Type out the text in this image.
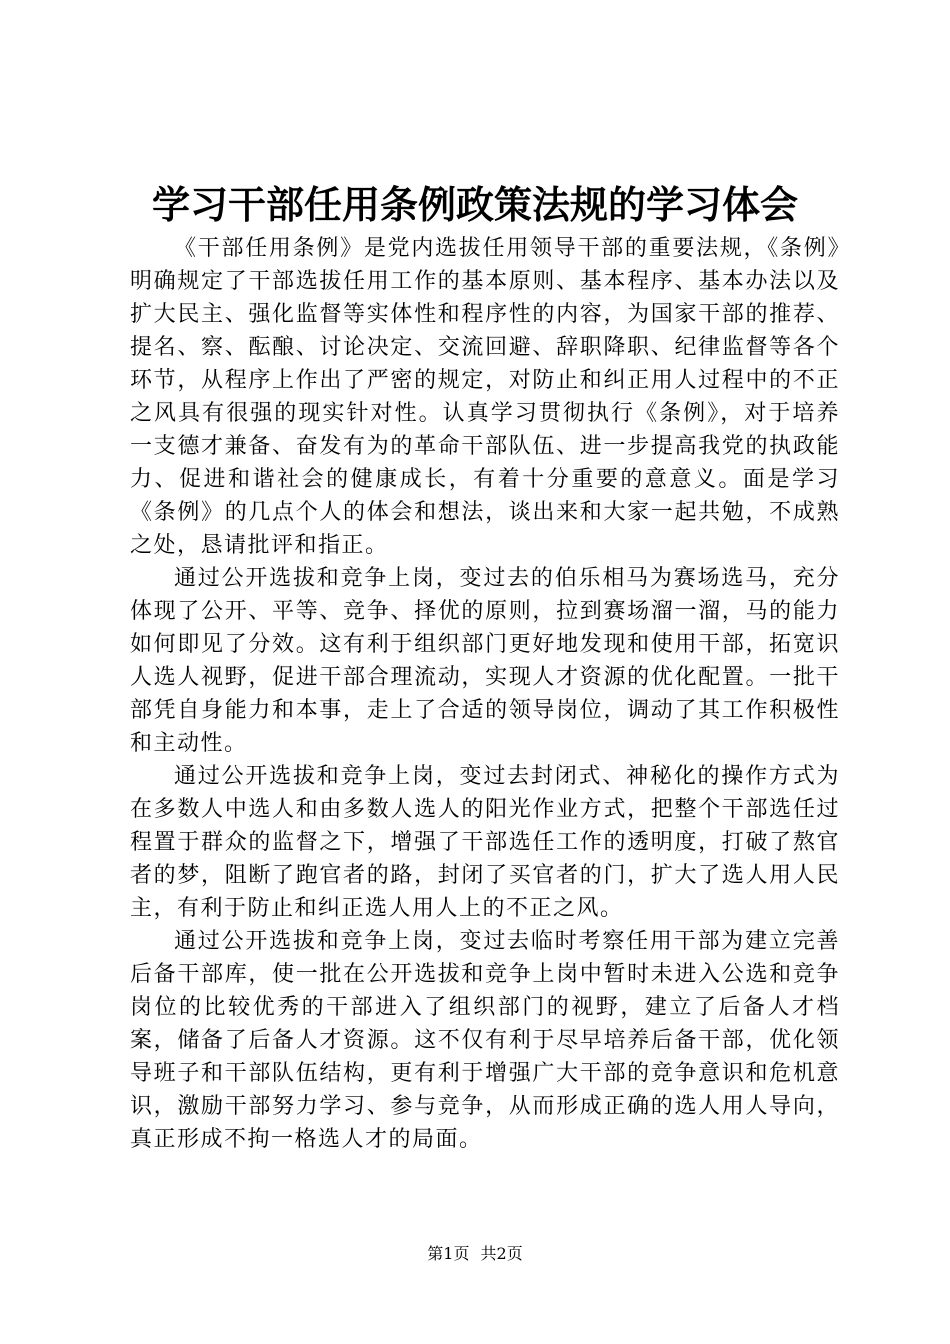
学习干部任用条例政策法规的学习体会

《干部任用条例》是党内选拔任用领导干部的重要法规，《条例》明确规定了干部选拔任用工作的基本原则、基本程序、基本办法以及扩大民主、强化监督等实体性和程序性的内容，为国家干部的推荐、提名、察、酝酿、讨论决定、交流回避、辞职降职、纪律监督等各个环节，从程序上作出了严密的规定，对防止和纠正用人过程中的不正之风具有很强的现实针对性。认真学习贯彻执行《条例》，对于培养一支德才兼备、奋发有为的革命干部队伍、进一步提高我党的执政能力、促进和谐社会的健康成长，有着十分重要的意意义。面是学习《条例》的几点个人的体会和想法，谈出来和大家一起共勉，不成熟之处，恳请批评和指正。

通过公开选拔和竞争上岗，变过去的伯乐相马为赛场选马，充分体现了公开、平等、竞争、择优的原则，拉到赛场溜一溜，马的能力如何即见了分效。这有利于组织部门更好地发现和使用干部，拓宽识人选人视野，促进干部合理流动，实现人才资源的优化配置。一批干部凭自身能力和本事，走上了合适的领导岗位，调动了其工作积极性和主动性。

通过公开选拔和竞争上岗，变过去封闭式、神秘化的操作方式为在多数人中选人和由多数人选人的阳光作业方式，把整个干部选任过程置于群众的监督之下，增强了干部选任工作的透明度，打破了熬官者的梦，阻断了跑官者的路，封闭了买官者的门，扩大了选人用人民主，有利于防止和纠正选人用人上的不正之风。

通过公开选拔和竞争上岗，变过去临时考察任用干部为建立完善后备干部库，使一批在公开选拔和竞争上岗中暂时未进入公选和竞争岗位的比较优秀的干部进入了组织部门的视野，建立了后备人才档案，储备了后备人才资源。这不仅有利于尽早培养后备干部，优化领导班子和干部队伍结构，更有利于增强广大干部的竞争意识和危机意识，激励干部努力学习、参与竞争，从而形成正确的选人用人导向，真正形成不拘一格选人才的局面。

第1页 共2页
